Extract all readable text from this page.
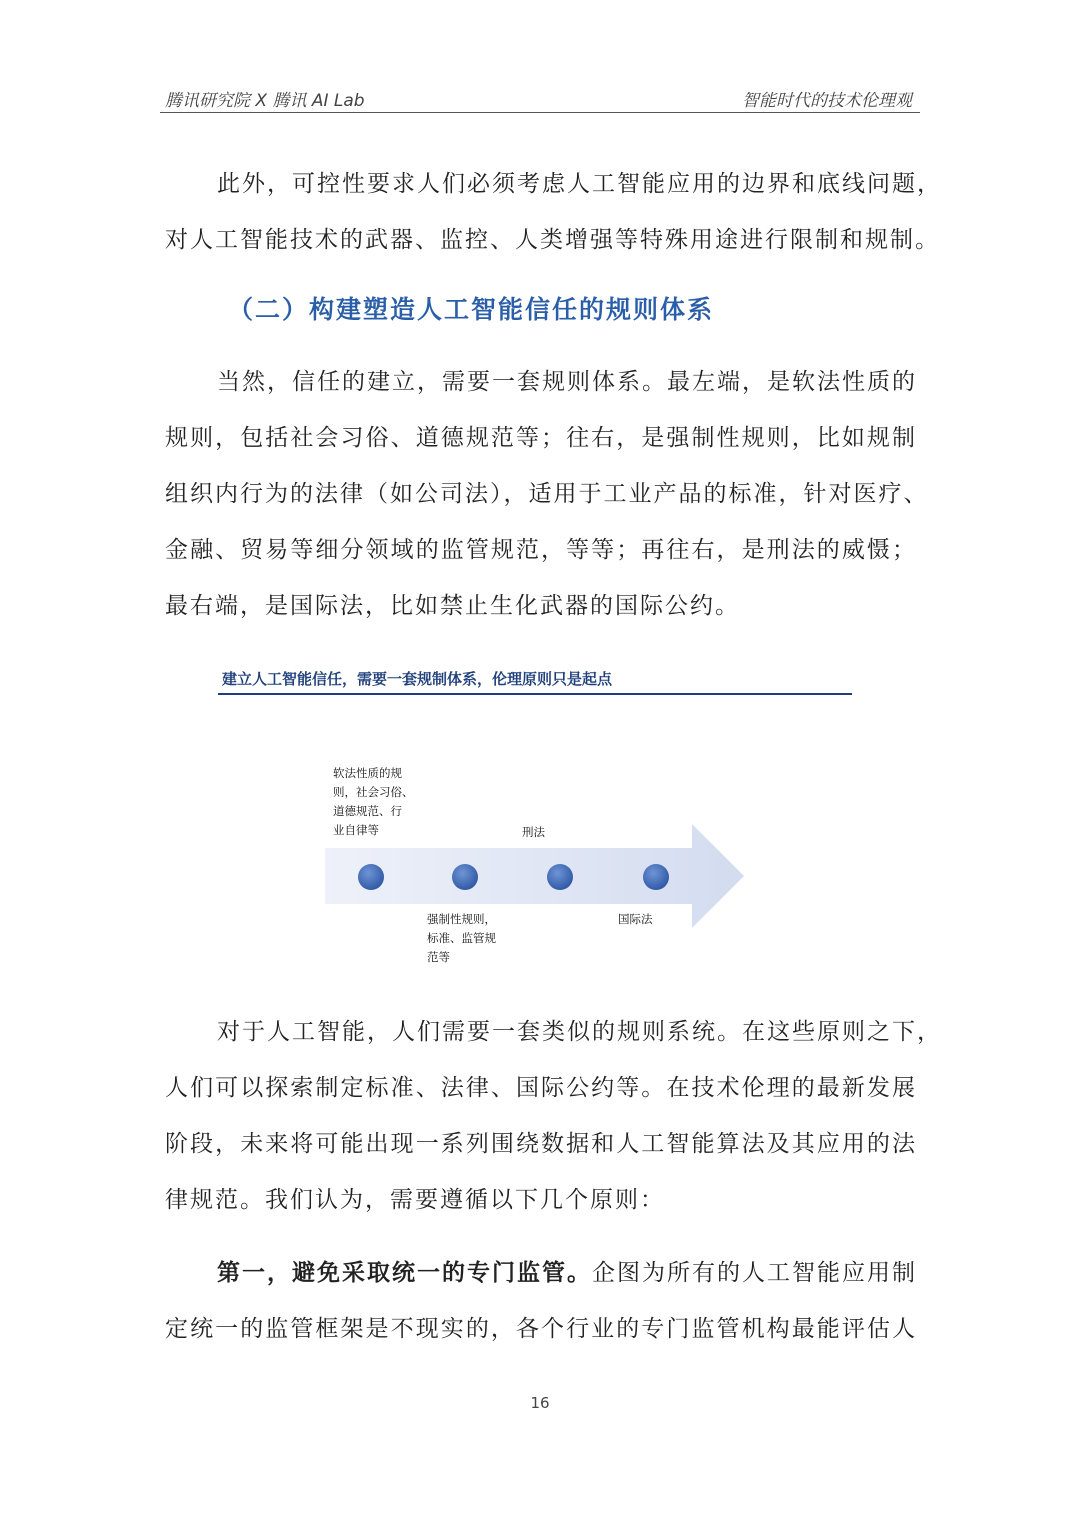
腾讯研究院 X 腾讯 AI Lab	智能时代的技术伦理观
此外，可控性要求人们必须考虑人工智能应用的边界和底线问题，
对人工智能技术的武器、监控、人类增强等特殊用途进行限制和规制。
（二）构建塑造人工智能信任的规则体系
当然，信任的建立，需要一套规则体系。最左端，是软法性质的
规则，包括社会习俗、道德规范等；往右，是强制性规则，比如规制
组织内行为的法律（如公司法），适用于工业产品的标准，针对医疗、
金融、贸易等细分领域的监管规范，等等；再往右，是刑法的威慑；
最右端，是国际法，比如禁止生化武器的国际公约。
建立人工智能信任，需要一套规制体系，伦理原则只是起点
软法性质的规
则，社会习俗、
道德规范、行
业自律等	刑法
强制性规则，
标准、监管规
范等
国际法
对于人工智能，人们需要一套类似的规则系统。在这些原则之下，
人们可以探索制定标准、法律、国际公约等。在技术伦理的最新发展
阶段，未来将可能出现一系列围绕数据和人工智能算法及其应用的法
律规范。我们认为，需要遵循以下几个原则：
第一，避免采取统一的专门监管。企图为所有的人工智能应用制
定统一的监管框架是不现实的，各个行业的专门监管机构最能评估人
16
